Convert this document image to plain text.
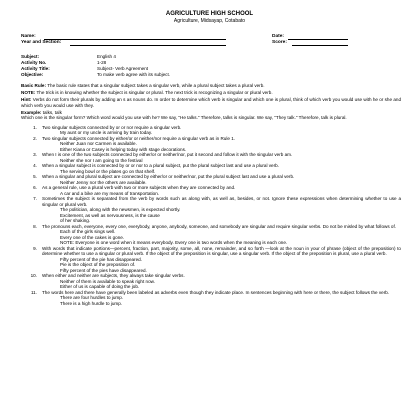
AGRICULTURE HIGH SCHOOL
Agriculture, Midsayap, Cotabato
Name:
Year and Section:
Date:
Score:
Subject:	English 4
Activity No.	1-28
Activity Title:	Subject- Verb Agreement
Objective:	To make verb agree with its subject.

Basic Rule: The basic rule states that a singular subject takes a singular verb, while a plural subject takes a plural verb.

NOTE: The trick is in knowing whether the subject is singular or plural. The next trick is recognizing a singular or plural verb.

Hint: Verbs do not form their plurals by adding an s as nouns do. In order to determine which verb is singular and which one is plural, think of which verb you would use with he or she and which verb you would use with they.

Example: talks, talk

Which one is the singular form? Which word would you use with he? We say, "He talks." Therefore, talks is singular. We say, "They talk." Therefore, talk is plural.

1. Two singular subjects connected by or or nor require a singular verb.
My aunt or my uncle is arriving by train today.
2. Two singular subjects connected by either/or or neither/nor require a singular verb as in Rule 1.
Neither Juan nor Carmen is available.
Either Kiana or Casey is helping today with stage decorations.
3. When I is one of the two subjects connected by either/or or neither/nor, put it second and follow it with the singular verb am.
Neither she nor I am going to the festival
4. When a singular subject is connected by or or nor to a plural subject, put the plural subject last and use a plural verb.
The serving bowl or the plates go on that shelf.
5. When a singular and plural subject are connected by either/or or neither/nor, put the plural subject last and use a plural verb.
Neither Jenny nor the others are available.
6. As a general rule, use a plural verb with two or more subjects when they are connected by and.
A car and a bike are my means of transportation.
7. Sometimes the subject is separated from the verb by words such as along with, as well as, besides, or not. Ignore these expressions when determining whether to use a singular or plural verb.
The politician, along with the newsmen, is expected shortly.
Excitement, as well as nervousness, is the cause
of her shaking.
8. The pronouns each, everyone, every one, everybody, anyone, anybody, someone, and somebody are singular and require singular verbs. Do not be misled by what follows of.
Each of the girls sings well.
Every one of the cakes is gone.
NOTE: Everyone is one word when it means everybody. Every one is two words when the meaning is each one.
9. With words that indicate portions—percent, fraction, part, majority, some, all, none, remainder, and so forth —look at the noun in your of phrase (object of the preposition) to determine whether to use a singular or plural verb. If the object of the preposition is singular, use a singular verb. If the object of the preposition is plural, use a plural verb.
Fifty percent of the pie has disappeared.
Pie is the object of the preposition of.
Fifty percent of the pies have disappeared.
10. When either and neither are subjects, they always take singular verbs.
Neither of them is available to speak right now.
Either of us is capable of doing the job.
11. The words here and there have generally been labeled as adverbs even though they indicate place. In sentences beginning with here or there, the subject follows the verb.
There are four hurdles to jump.
There is a high hurdle to jump.
